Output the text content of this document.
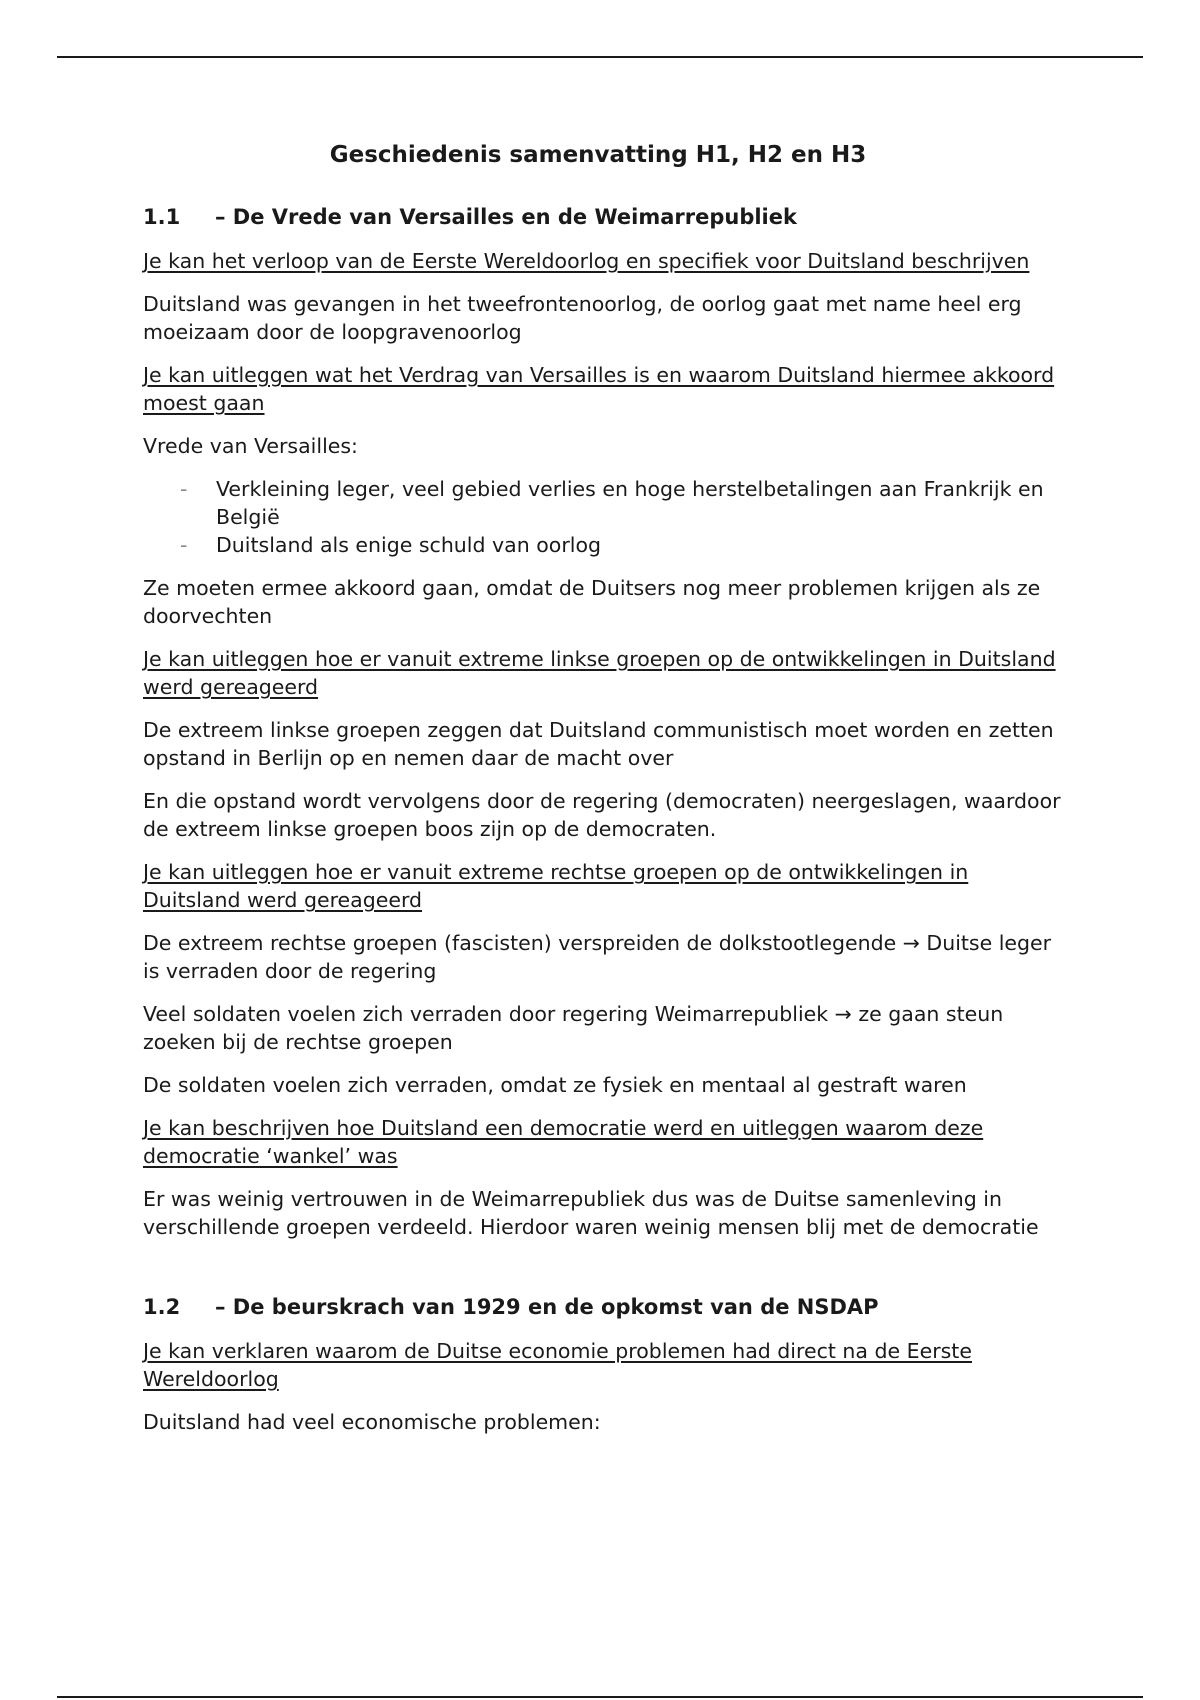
Geschiedenis samenvatting H1, H2 en H3
1.1 – De Vrede van Versailles en de Weimarrepubliek

Je kan het verloop van de Eerste Wereldoorlog en specifiek voor Duitsland beschrijven

Duitsland was gevangen in het tweefrontenoorlog, de oorlog gaat met name heel erg moeizaam door de loopgravenoorlog

Je kan uitleggen wat het Verdrag van Versailles is en waarom Duitsland hiermee akkoord moest gaan

Vrede van Versailles:

- Verkleining leger, veel gebied verlies en hoge herstelbetalingen aan Frankrijk en België
- Duitsland als enige schuld van oorlog

Ze moeten ermee akkoord gaan, omdat de Duitsers nog meer problemen krijgen als ze doorvechten

Je kan uitleggen hoe er vanuit extreme linkse groepen op de ontwikkelingen in Duitsland werd gereageerd

De extreem linkse groepen zeggen dat Duitsland communistisch moet worden en zetten opstand in Berlijn op en nemen daar de macht over

En die opstand wordt vervolgens door de regering (democraten) neergeslagen, waardoor de extreem linkse groepen boos zijn op de democraten.

Je kan uitleggen hoe er vanuit extreme rechtse groepen op de ontwikkelingen in Duitsland werd gereageerd

De extreem rechtse groepen (fascisten) verspreiden de dolkstootlegende → Duitse leger is verraden door de regering

Veel soldaten voelen zich verraden door regering Weimarrepubliek → ze gaan steun zoeken bij de rechtse groepen

De soldaten voelen zich verraden, omdat ze fysiek en mentaal al gestraft waren

Je kan beschrijven hoe Duitsland een democratie werd en uitleggen waarom deze democratie ‘wankel’ was

Er was weinig vertrouwen in de Weimarrepubliek dus was de Duitse samenleving in verschillende groepen verdeeld. Hierdoor waren weinig mensen blij met de democratie

1.2 – De beurskrach van 1929 en de opkomst van de NSDAP

Je kan verklaren waarom de Duitse economie problemen had direct na de Eerste Wereldoorlog

Duitsland had veel economische problemen:
